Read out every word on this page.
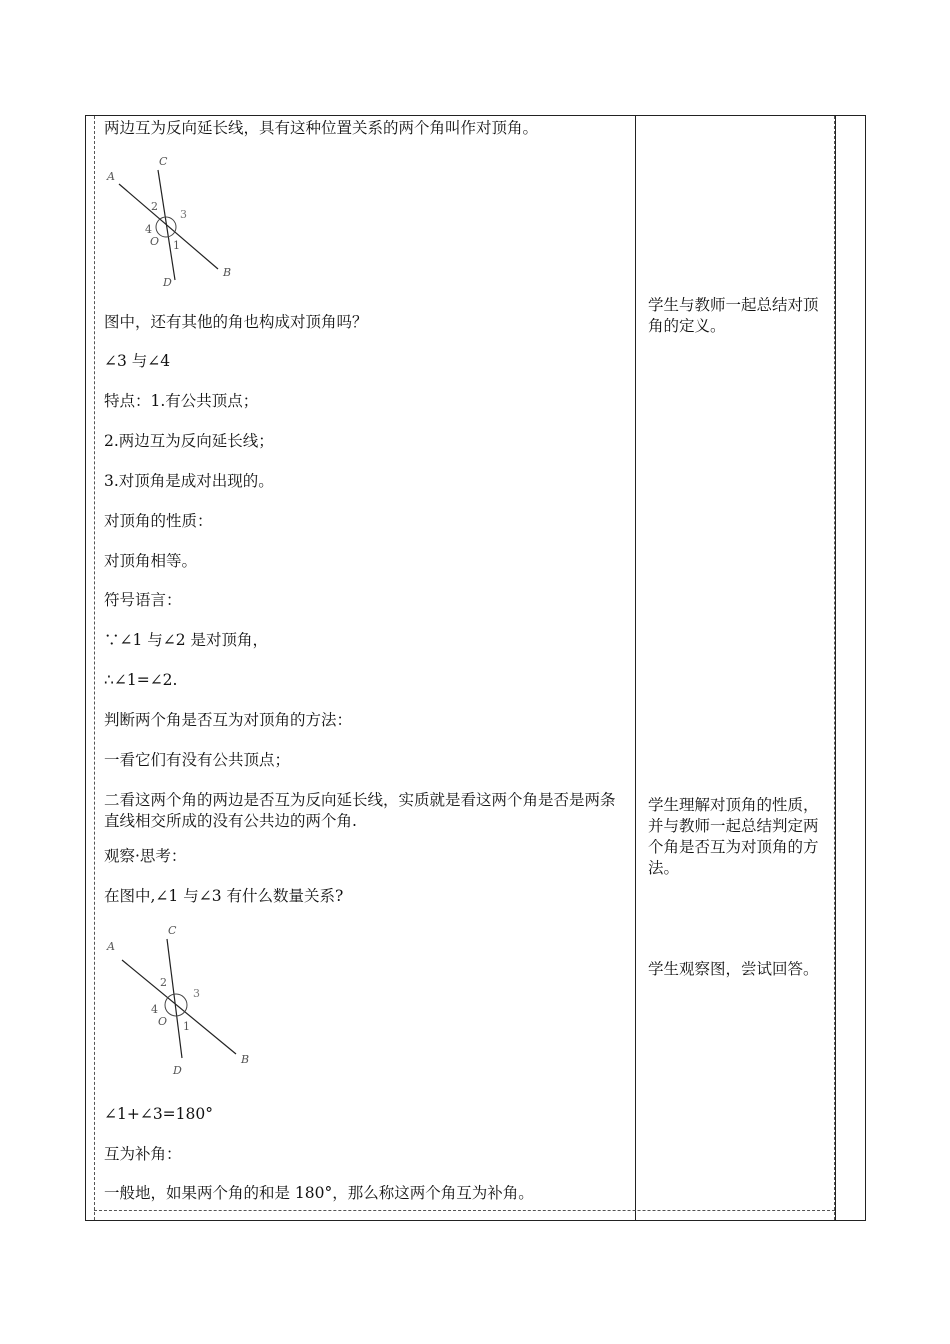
两边互为反向延长线，具有这种位置关系的两个角叫作对顶角。
A
C
B
D
O
2
3
4
1
图中，还有其他的角也构成对顶角吗？
∠3 与∠4
特点：1.有公共顶点；
2.两边互为反向延长线；
3.对顶角是成对出现的。
对顶角的性质：
对顶角相等。
符号语言：
∵∠1 与∠2 是对顶角，
∴∠1=∠2.
判断两个角是否互为对顶角的方法：
一看它们有没有公共顶点；
二看这两个角的两边是否互为反向延长线，实质就是看这两个角是否是两条直线相交所成的没有公共边的两个角.
观察·思考：
在图中,∠1 与∠3 有什么数量关系?
A
C
B
D
O
2
3
4
1
∠1+∠3=180°
互为补角：
一般地，如果两个角的和是 180°，那么称这两个角互为补角。
学生与教师一起总结对顶角的定义。
学生理解对顶角的性质，并与教师一起总结判定两个角是否互为对顶角的方法。
学生观察图，尝试回答。
